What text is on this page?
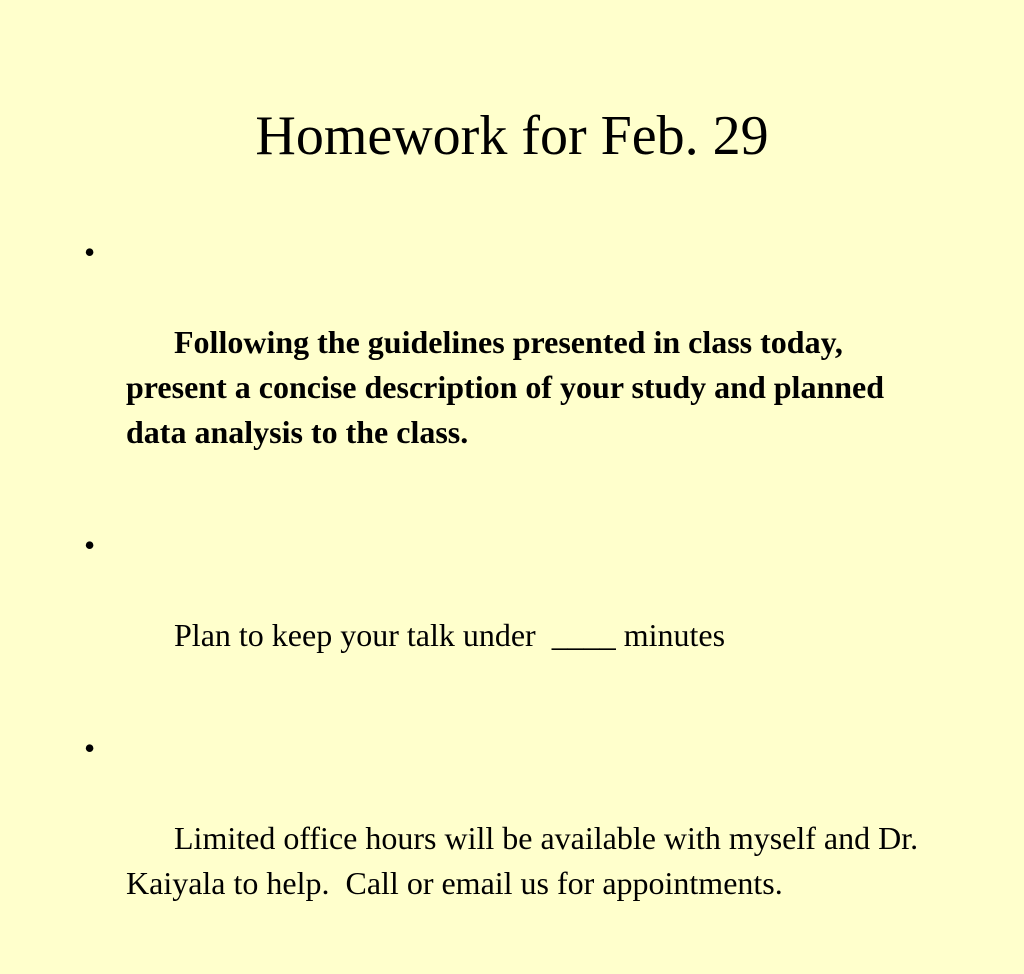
Homework for Feb. 29

•

Following the guidelines presented in class today, present a concise description of your study and planned data analysis to the class.

•

Plan to keep your talk under  ____ minutes

•

Limited office hours will be available with myself and Dr. Kaiyala to help.  Call or email us for appointments.
